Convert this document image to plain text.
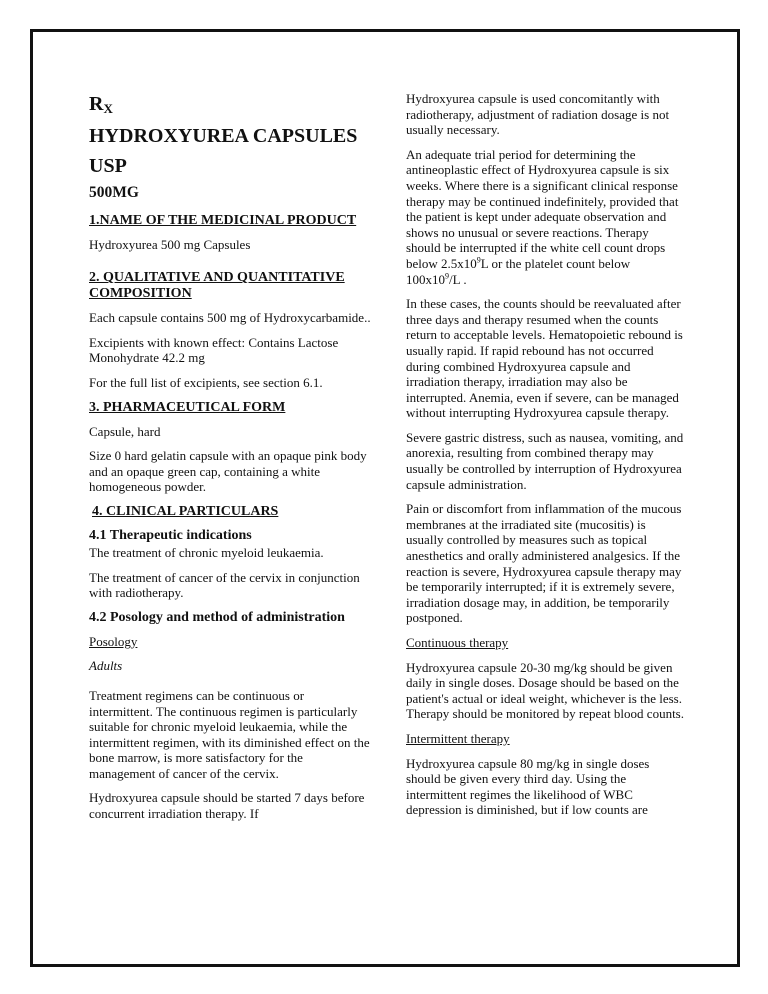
$R_X$
HYDROXYUREA CAPSULES
USP
500MG
1.NAME OF THE MEDICINAL PRODUCT

Hydroxyurea 500 mg Capsules

2. QUALITATIVE AND QUANTITATIVE COMPOSITION

Each capsule contains 500 mg of Hydroxycarbamide..

Excipients with known effect: Contains Lactose Monohydrate 42.2 mg

For the full list of excipients, see section 6.1.

3. PHARMACEUTICAL FORM

Capsule, hard

Size 0 hard gelatin capsule with an opaque pink body and an opaque green cap, containing a white homogeneous powder.

4. CLINICAL PARTICULARS
4.1 Therapeutic indications

The treatment of chronic myeloid leukaemia.

The treatment of cancer of the cervix in conjunction with radiotherapy.

4.2 Posology and method of administration

Posology

Adults

Treatment regimens can be continuous or intermittent. The continuous regimen is particularly suitable for chronic myeloid leukaemia, while the intermittent regimen, with its diminished effect on the bone marrow, is more satisfactory for the management of cancer of the cervix.

Hydroxyurea capsule should be started 7 days before concurrent irradiation therapy. If

Hydroxyurea capsule is used concomitantly with radiotherapy, adjustment of radiation dosage is not usually necessary.

An adequate trial period for determining the antineoplastic effect of Hydroxyurea capsule is six weeks. Where there is a significant clinical response therapy may be continued indefinitely, provided that the patient is kept under adequate observation and shows no unusual or severe reactions. Therapy should be interrupted if the white cell count drops below $2.5x10^9L$ or the platelet count below $100x10^9/L$ .

In these cases, the counts should be reevaluated after three days and therapy resumed when the counts return to acceptable levels. Hematopoietic rebound is usually rapid. If rapid rebound has not occurred during combined Hydroxyurea capsule and irradiation therapy, irradiation may also be interrupted. Anemia, even if severe, can be managed without interrupting Hydroxyurea capsule therapy.

Severe gastric distress, such as nausea, vomiting, and anorexia, resulting from combined therapy may usually be controlled by interruption of Hydroxyurea capsule administration.

Pain or discomfort from inflammation of the mucous membranes at the irradiated site (mucositis) is usually controlled by measures such as topical anesthetics and orally administered analgesics. If the reaction is severe, Hydroxyurea capsule therapy may be temporarily interrupted; if it is extremely severe, irradiation dosage may, in addition, be temporarily postponed.

Continuous therapy

Hydroxyurea capsule 20-30 mg/kg should be given daily in single doses. Dosage should be based on the patient's actual or ideal weight, whichever is the less. Therapy should be monitored by repeat blood counts.

Intermittent therapy

Hydroxyurea capsule 80 mg/kg in single doses should be given every third day. Using the intermittent regimes the likelihood of WBC depression is diminished, but if low counts are
